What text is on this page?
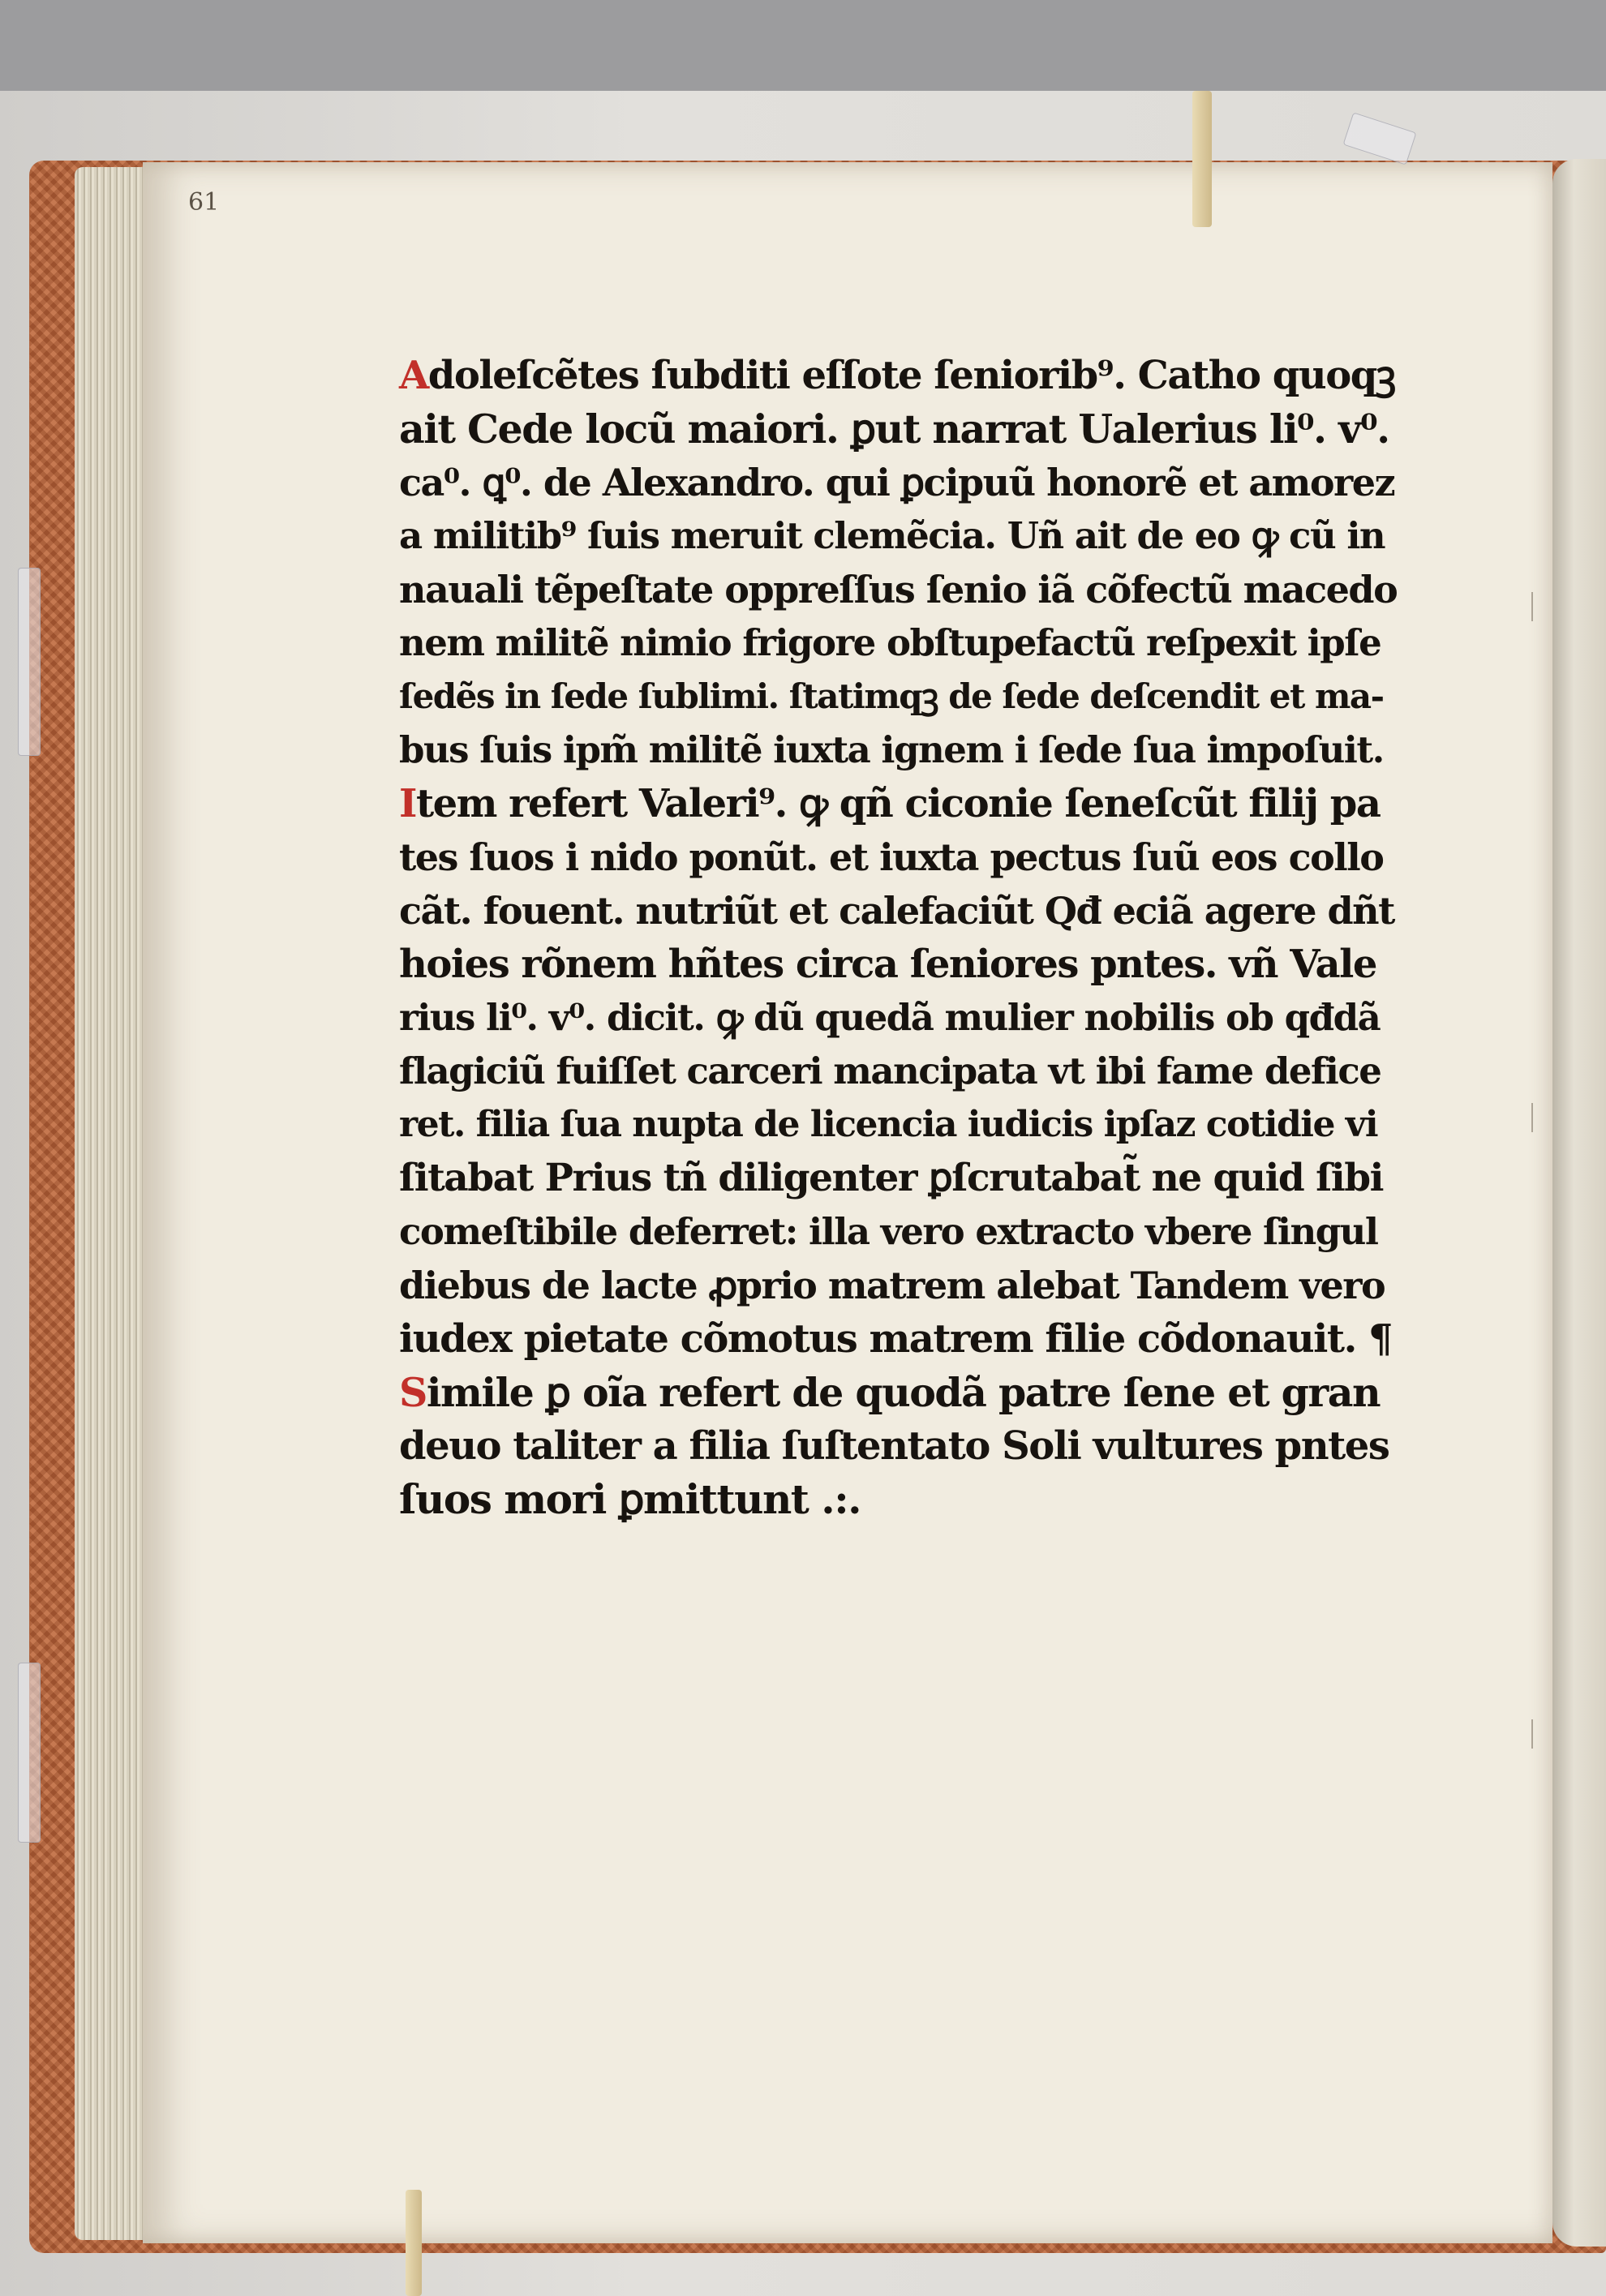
61
Adoleſcẽtes ſubditi eſſote ſeniorib⁹. Catho quoqꝫ
ait Cede locũ maiori. ꝑut narrat Ualerius li⁰. v⁰.
ca⁰. ꝗ⁰. de Alexandro. qui ꝑcipuũ honorẽ et amorez
a militib⁹ ſuis meruit clemẽcia. Uñ ait de eo ꝙ cũ in
nauali tẽpeſtate oppreſſus ſenio iã cõfectũ macedo
nem militẽ nimio frigore obſtupefactũ reſpexit ipſe
ſedẽs in ſede ſublimi. ſtatimqꝫ de ſede deſcendit et ma-
bus ſuis ipm̃ militẽ iuxta ignem i ſede ſua impoſuit.
Item refert Valeri⁹. ꝙ qñ ciconie ſeneſcũt filij pa
tes ſuos i nido ponũt. et iuxta pectus ſuũ eos collo
cãt. fouent. nutriũt et calefaciũt Qđ eciã agere dñt
hoies rõnem hñtes circa ſeniores pntes. vñ Vale
rius li⁰. v⁰. dicit. ꝙ dũ quedã mulier nobilis ob qđdã
flagiciũ fuiſſet carceri mancipata vt ibi fame defice
ret. filia ſua nupta de licencia iudicis ipſaz cotidie vi
ſitabat Prius tñ diligenter ꝑſcrutabat̃ ne quid ſibi
comeſtibile deferret: illa vero extracto vbere ſingul
diebus de lacte ꝓprio matrem alebat Tandem vero
iudex pietate cõmotus matrem filie cõdonauit. ¶
Simile ꝑ oĩa refert de quodã patre ſene et gran
deuo taliter a filia ſuſtentato Soli vultures pntes
ſuos mori ꝑmittunt .:.
